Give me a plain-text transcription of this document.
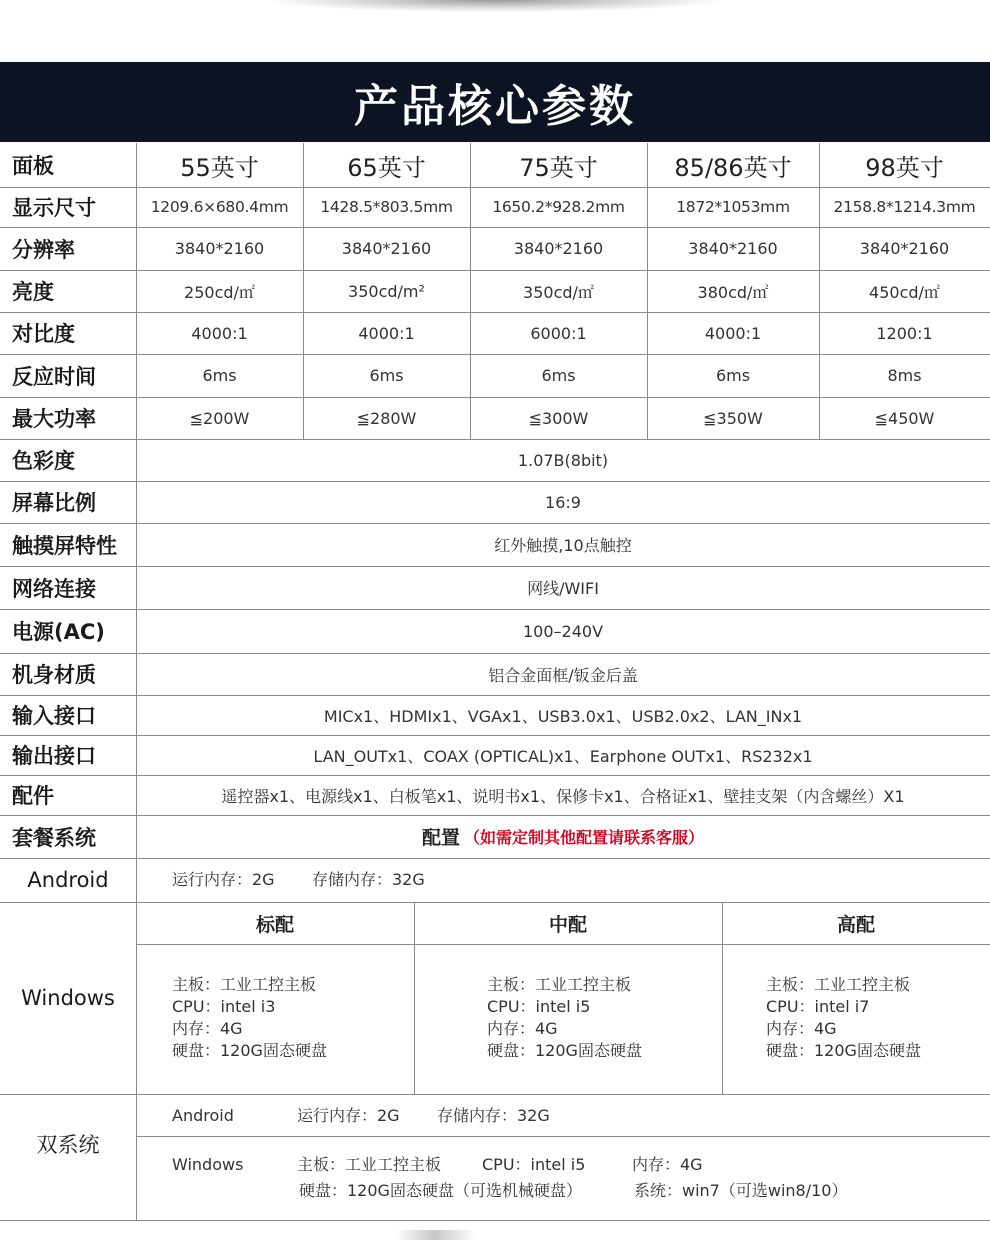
产品核心参数
面板	55英寸	65英寸	75英寸	85/86英寸	98英寸
显示尺寸	1209.6×680.4mm	1428.5*803.5mm	1650.2*928.2mm	1872*1053mm	2158.8*1214.3mm
分辨率	3840*2160	3840*2160	3840*2160	3840*2160	3840*2160
亮度	250cd/㎡	350cd/m²	350cd/㎡	380cd/㎡	450cd/㎡
对比度	4000:1	4000:1	6000:1	4000:1	1200:1
反应时间	6ms	6ms	6ms	6ms	8ms
最大功率	≦200W	≦280W	≦300W	≦350W	≦450W
色彩度	1.07B(8bit)
屏幕比例	16:9
触摸屏特性	红外触摸,10点触控
网络连接	网线/WIFI
电源(AC)	100–240V
机身材质	铝合金面框/钣金后盖
输入接口	MICx1、HDMIx1、VGAx1、USB3.0x1、USB2.0x2、LAN_INx1
输出接口	LAN_OUTx1、COAX (OPTICAL)x1、Earphone OUTx1、RS232x1
配件	遥控器x1、电源线x1、白板笔x1、说明书x1、保修卡x1、合格证x1、壁挂支架（内含螺丝）X1
套餐系统	配置 （如需定制其他配置请联系客服）
Android	运行内存：2G 存储内存：32G
Windows
标配
主板：工业工控主板
CPU：intel i3
内存：4G
硬盘：120G固态硬盘
中配
主板：工业工控主板
CPU：intel i5
内存：4G
硬盘：120G固态硬盘
高配
主板：工业工控主板
CPU：intel i7
内存：4G
硬盘：120G固态硬盘
双系统
Android	运行内存：2G 存储内存：32G
Windows	主板：工业工控主板	CPU：intel i5	内存：4G
硬盘：120G固态硬盘（可选机械硬盘）	系统：win7（可选win8/10）
